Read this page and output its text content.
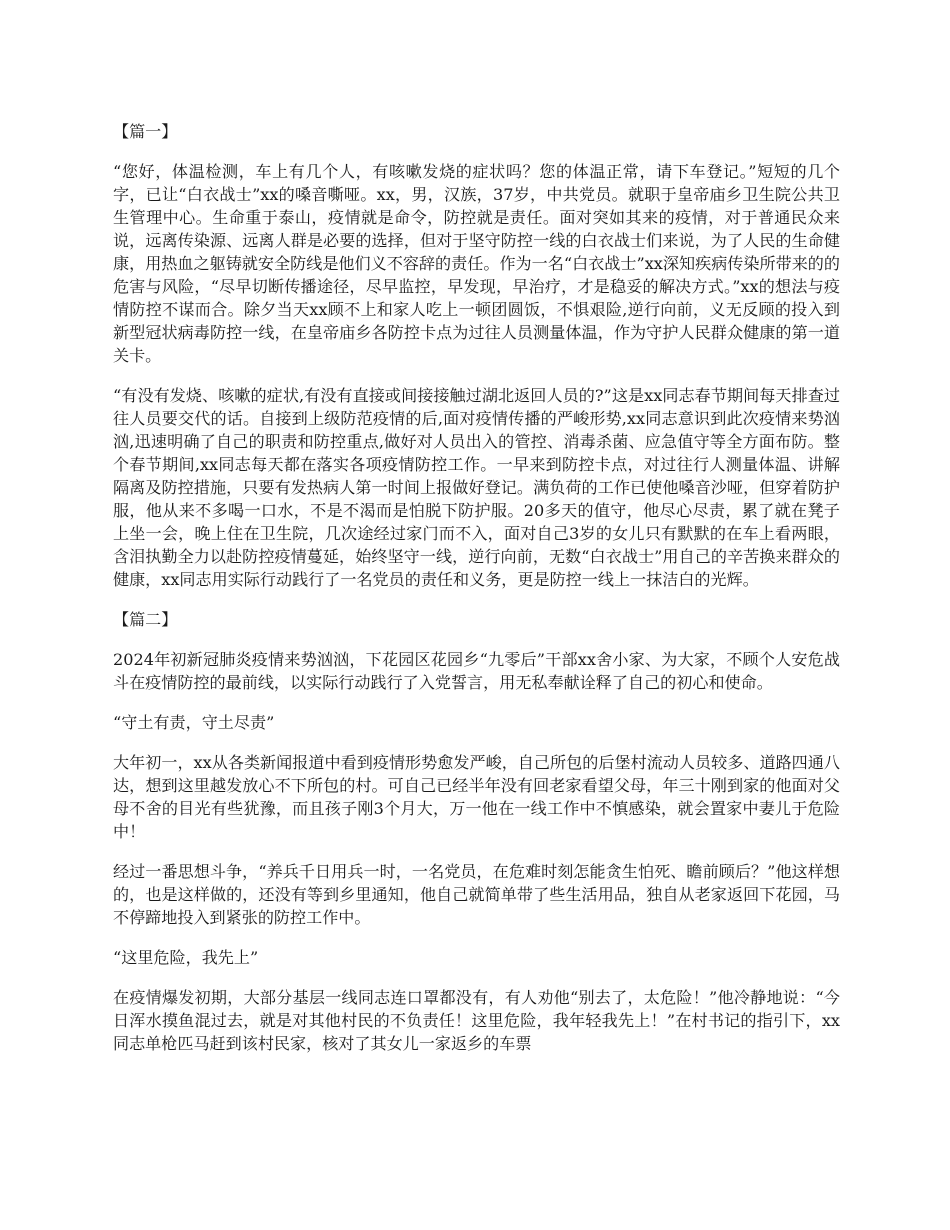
【篇一】

“您好，体温检测，车上有几个人，有咳嗽发烧的症状吗？您的体温正常，请下车登记。”短短的几个字，已让“白衣战士”xx的嗓音嘶哑。xx，男，汉族，37岁，中共党员。就职于皇帝庙乡卫生院公共卫生管理中心。生命重于泰山，疫情就是命令，防控就是责任。面对突如其来的疫情，对于普通民众来说，远离传染源、远离人群是必要的选择，但对于坚守防控一线的白衣战士们来说，为了人民的生命健康，用热血之躯铸就安全防线是他们义不容辞的责任。作为一名“白衣战士”xx深知疾病传染所带来的的危害与风险，“尽早切断传播途径，尽早监控，早发现，早治疗，才是稳妥的解决方式。”xx的想法与疫情防控不谋而合。除夕当天xx顾不上和家人吃上一顿团圆饭，不惧艰险,逆行向前，义无反顾的投入到新型冠状病毒防控一线，在皇帝庙乡各防控卡点为过往人员测量体温，作为守护人民群众健康的第一道关卡。

“有没有发烧、咳嗽的症状,有没有直接或间接接触过湖北返回人员的?”这是xx同志春节期间每天排查过往人员要交代的话。自接到上级防范疫情的后,面对疫情传播的严峻形势,xx同志意识到此次疫情来势汹汹,迅速明确了自己的职责和防控重点,做好对人员出入的管控、消毒杀菌、应急值守等全方面布防。整个春节期间,xx同志每天都在落实各项疫情防控工作。一早来到防控卡点，对过往行人测量体温、讲解隔离及防控措施，只要有发热病人第一时间上报做好登记。满负荷的工作已使他嗓音沙哑，但穿着防护服，他从来不多喝一口水，不是不渴而是怕脱下防护服。20多天的值守，他尽心尽责，累了就在凳子上坐一会，晚上住在卫生院，几次途经过家门而不入，面对自己3岁的女儿只有默默的在车上看两眼，含泪执勤全力以赴防控疫情蔓延，始终坚守一线，逆行向前，无数“白衣战士”用自己的辛苦换来群众的健康，xx同志用实际行动践行了一名党员的责任和义务，更是防控一线上一抹洁白的光辉。

【篇二】

2024年初新冠肺炎疫情来势汹汹，下花园区花园乡“九零后”干部xx舍小家、为大家，不顾个人安危战斗在疫情防控的最前线，以实际行动践行了入党誓言，用无私奉献诠释了自己的初心和使命。

“守土有责，守土尽责”

大年初一，xx从各类新闻报道中看到疫情形势愈发严峻，自己所包的后堡村流动人员较多、道路四通八达，想到这里越发放心不下所包的村。可自己已经半年没有回老家看望父母，年三十刚到家的他面对父母不舍的目光有些犹豫，而且孩子刚3个月大，万一他在一线工作中不慎感染，就会置家中妻儿于危险中！

经过一番思想斗争，“养兵千日用兵一时，一名党员，在危难时刻怎能贪生怕死、瞻前顾后？”他这样想的，也是这样做的，还没有等到乡里通知，他自己就简单带了些生活用品，独自从老家返回下花园，马不停蹄地投入到紧张的防控工作中。

“这里危险，我先上”

在疫情爆发初期，大部分基层一线同志连口罩都没有，有人劝他“别去了，太危险！”他冷静地说：“今日浑水摸鱼混过去，就是对其他村民的不负责任！这里危险，我年轻我先上！”在村书记的指引下，xx同志单枪匹马赶到该村民家，核对了其女儿一家返乡的车票
